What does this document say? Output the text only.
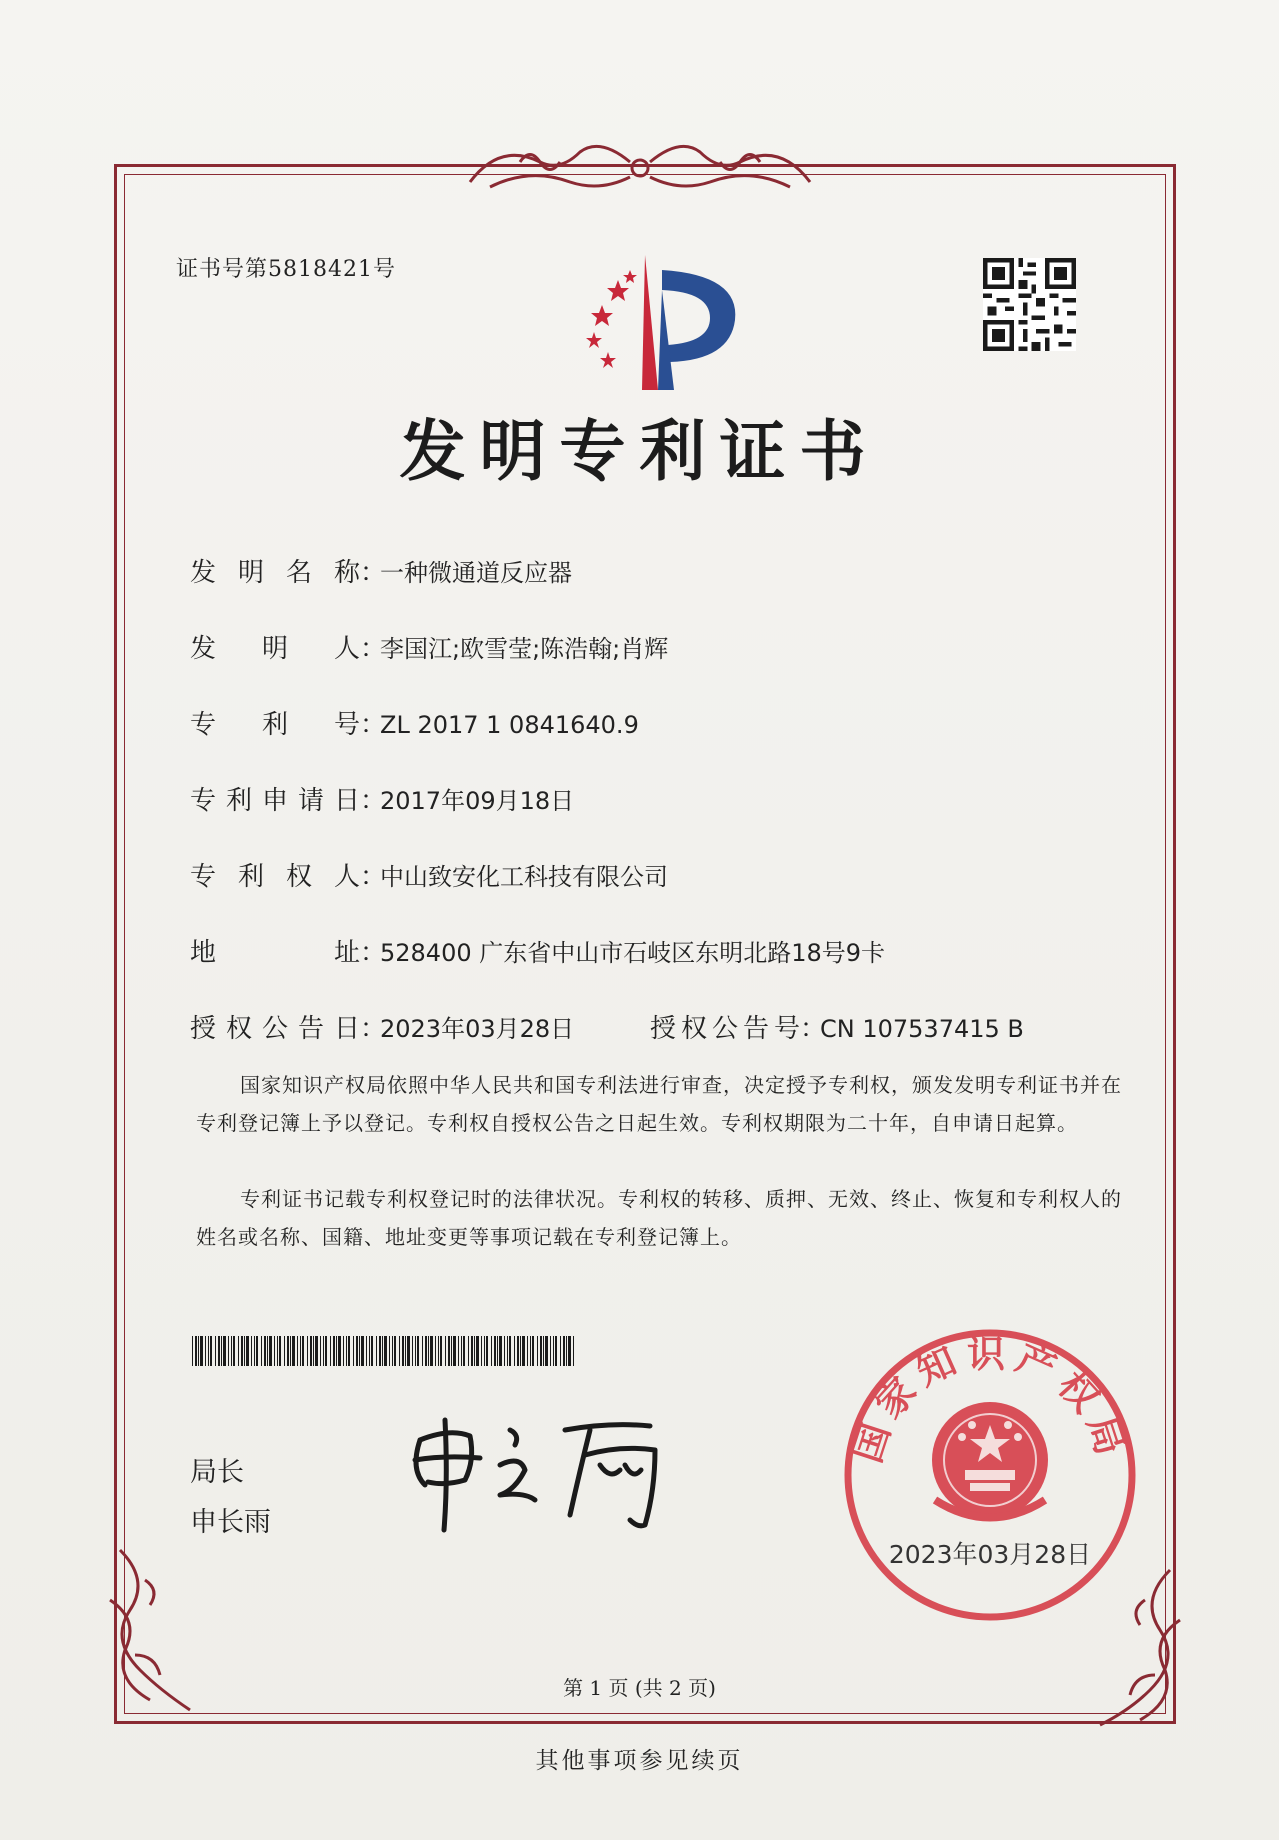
证书号第5818421号
发明专利证书
发明名称：一种微通道反应器
发明人：李国江;欧雪莹;陈浩翰;肖辉
专利号：ZL 2017 1 0841640.9
专利申请日：2017年09月18日
专利权人：中山致安化工科技有限公司
地址：528400 广东省中山市石岐区东明北路18号9卡
授权公告日：2023年03月28日	授权公告号：CN 107537415 B
国家知识产权局依照中华人民共和国专利法进行审查，决定授予专利权，颁发发明专利证书并在专利登记簿上予以登记。专利权自授权公告之日起生效。专利权期限为二十年，自申请日起算。
专利证书记载专利权登记时的法律状况。专利权的转移、质押、无效、终止、恢复和专利权人的姓名或名称、国籍、地址变更等事项记载在专利登记簿上。
局长
申长雨
国家知识产权局
2023年03月28日
第 1 页 (共 2 页)
其他事项参见续页
